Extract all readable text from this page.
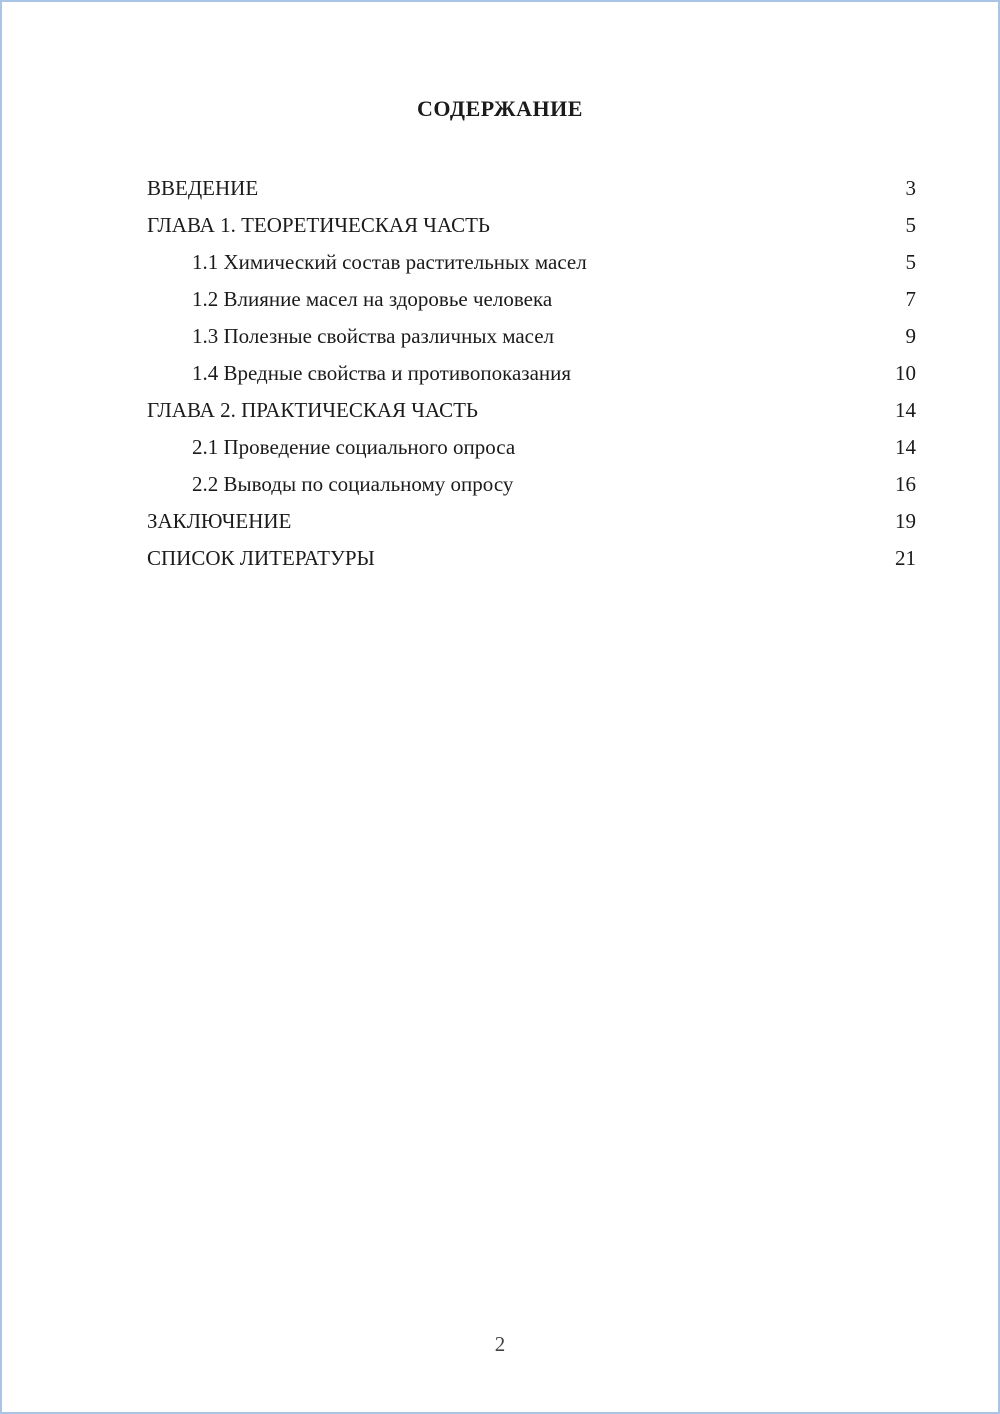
СОДЕРЖАНИЕ
ВВЕДЕНИЕ	3
ГЛАВА 1. ТЕОРЕТИЧЕСКАЯ ЧАСТЬ	5
1.1 Химический состав растительных масел	5
1.2 Влияние масел на здоровье человека	7
1.3 Полезные свойства различных масел	9
1.4 Вредные свойства и противопоказания	10
ГЛАВА 2. ПРАКТИЧЕСКАЯ ЧАСТЬ	14
2.1 Проведение социального опроса	14
2.2 Выводы по социальному опросу	16
ЗАКЛЮЧЕНИЕ	19
СПИСОК ЛИТЕРАТУРЫ	21
2
